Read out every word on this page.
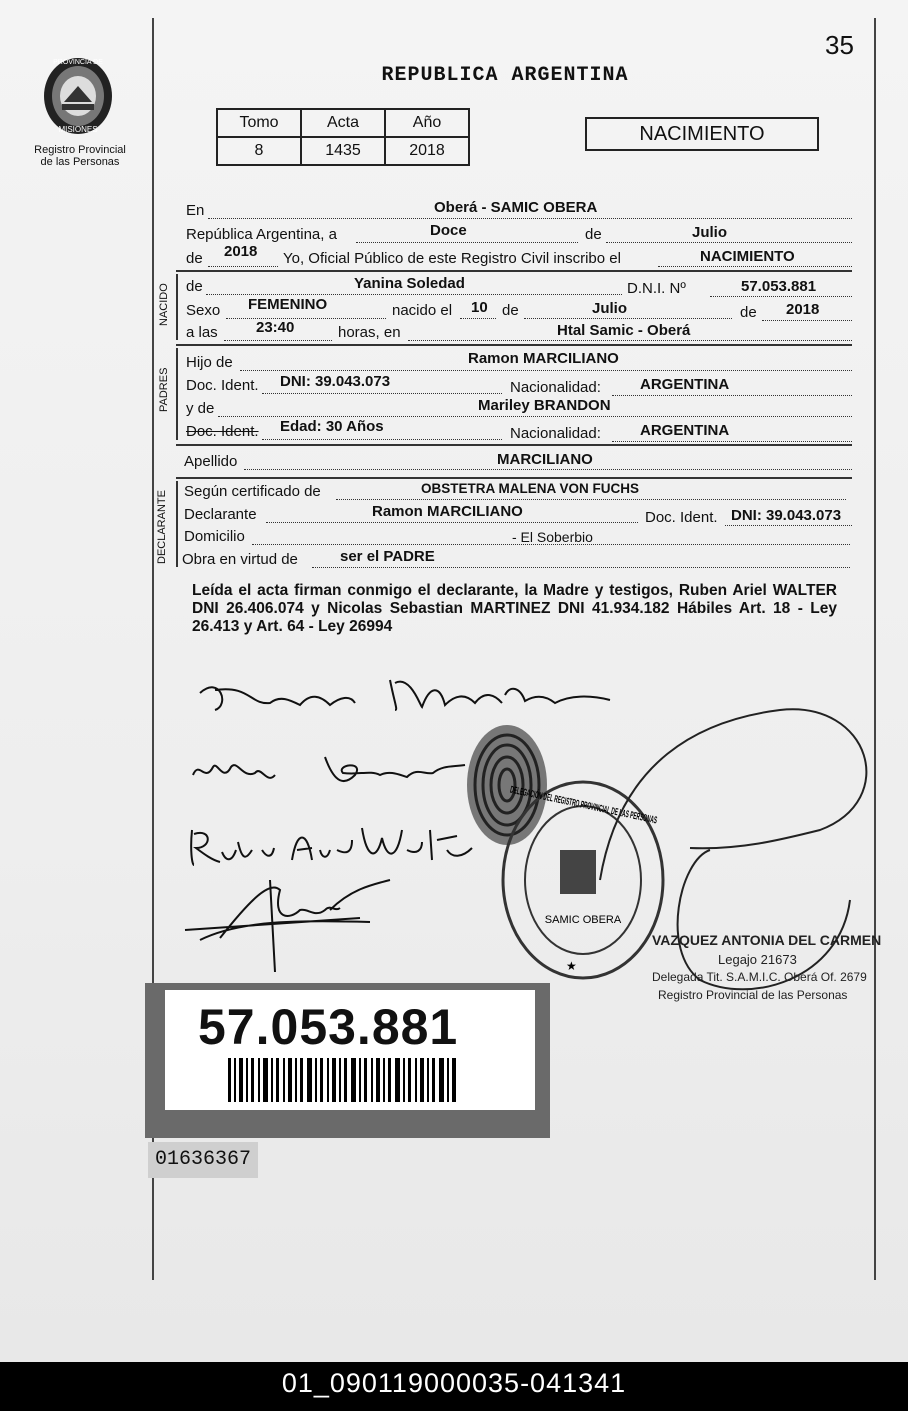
35
PROVINCIA DE
MISIONES
Registro Provincial
de las Personas
REPUBLICA ARGENTINA
Tomo	Acta	Año
8	1435	2018
NACIMIENTO
En	Oberá - SAMIC OBERA
República Argentina, a	Doce	de	Julio
de 2018 Yo, Oficial Público de este Registro Civil inscribo el	NACIMIENTO
NACIDO de	Yanina Soledad	D.N.I. Nº	57.053.881
Sexo FEMENINO	nacido el 10 de	Julio	de 2018
a las	23:40	horas, en	Htal Samic - Oberá
PADRES
Hijo de	Ramon MARCILIANO
Doc. Ident. DNI: 39.043.073	Nacionalidad:	ARGENTINA
y de	Mariley BRANDON
Doc. Ident. Edad: 30 Años	Nacionalidad:	ARGENTINA
Apellido	MARCILIANO
DECLARANTE Según certificado de	OBSTETRA MALENA VON FUCHS
Declarante	Ramon MARCILIANO	Doc. Ident. DNI: 39.043.073
Domicilio	- El Soberbio
Obra en virtud de	ser el PADRE
Leída el acta firman conmigo el declarante, la Madre y testigos, Ruben Ariel WALTER DNI 26.406.074 y Nicolas Sebastian MARTINEZ DNI 41.934.182 Hábiles Art. 18 - Ley 26.413 y Art. 64 - Ley 26994
DELEGACIÓN DEL REGISTRO PROVINCIAL DE LAS PERSONAS
SAMIC OBERA
★
VAZQUEZ ANTONIA DEL CARMEN
Legajo 21673
Delegada Tit. S.A.M.I.C. Oberá Of. 2679
Registro Provincial de las Personas
57.053.881
01636367
01_090119000035-041341
